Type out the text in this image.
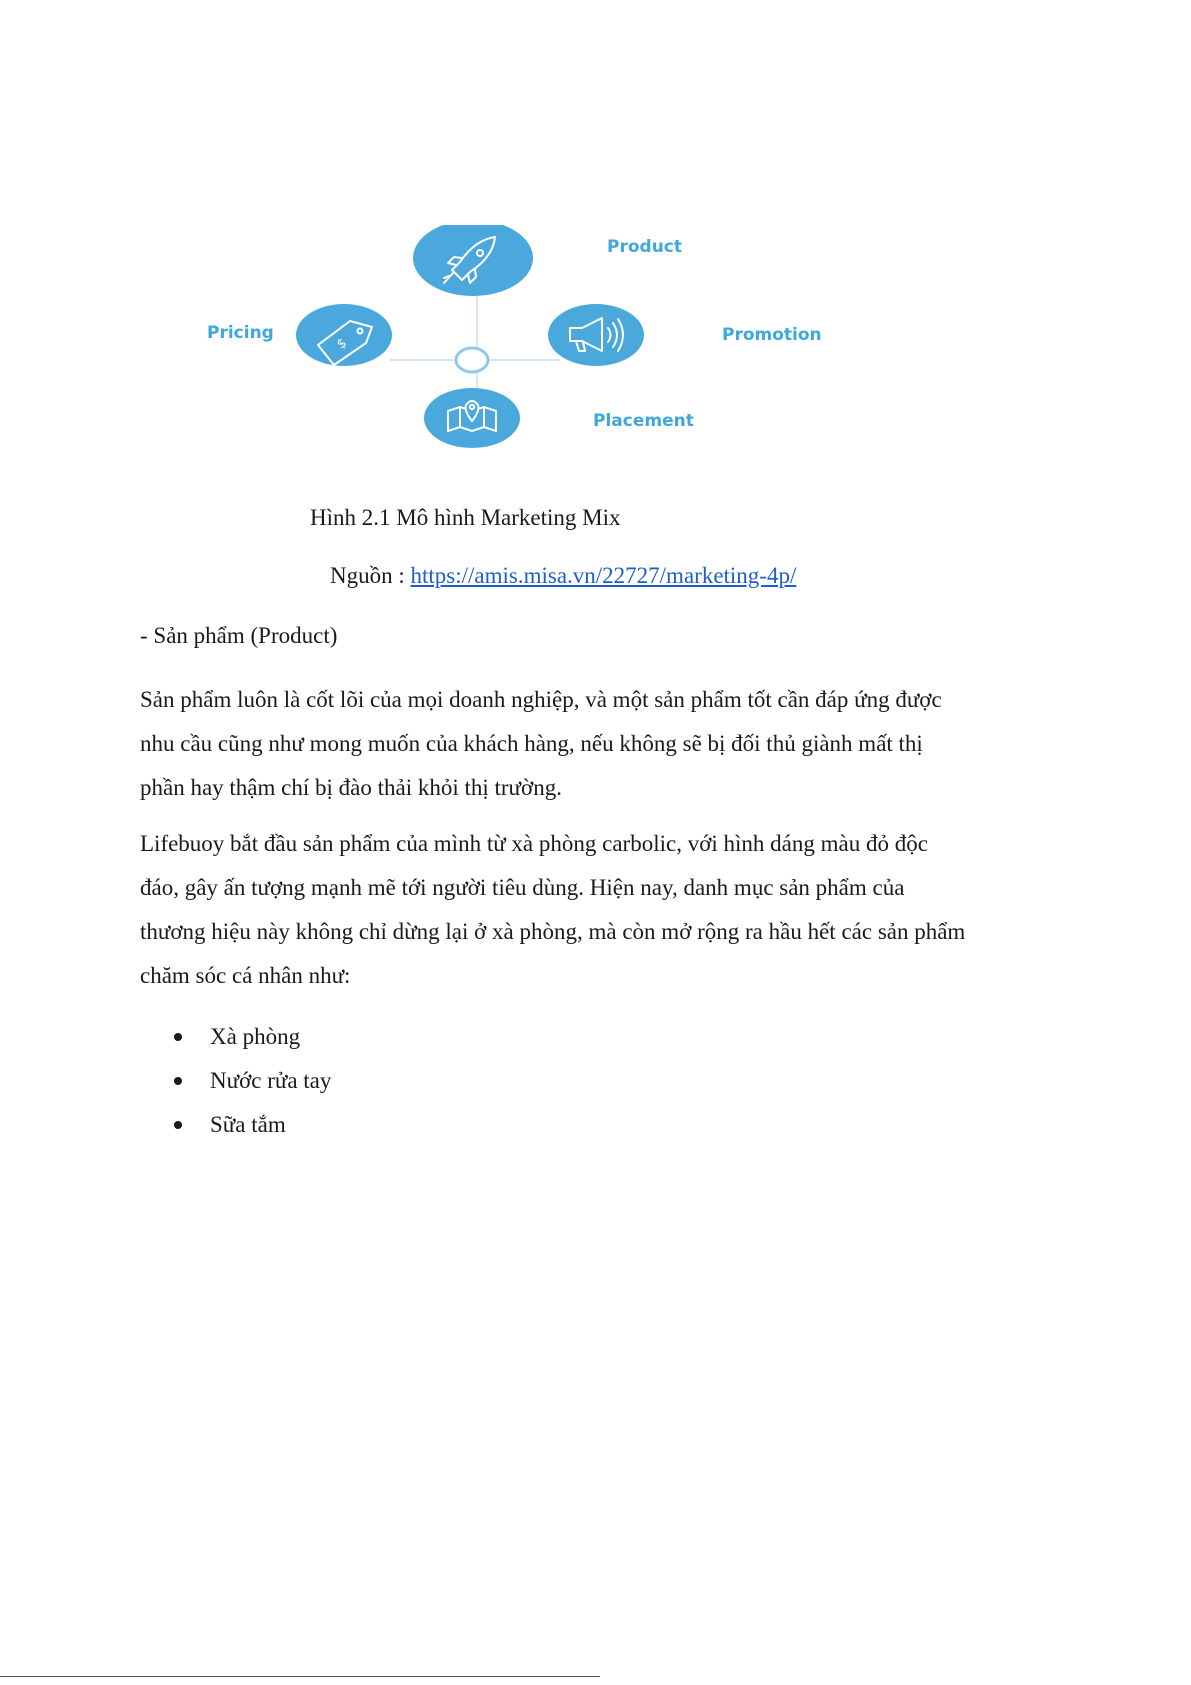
$
Product
Pricing	Promotion
Placement
Hình 2.1 Mô hình Marketing Mix
Nguồn : https://amis.misa.vn/22727/marketing-4p/
- Sản phẩm (Product)
Sản phẩm luôn là cốt lõi của mọi doanh nghiệp, và một sản phẩm tốt cần đáp ứng được
nhu cầu cũng như mong muốn của khách hàng, nếu không sẽ bị đối thủ giành mất thị
phần hay thậm chí bị đào thải khỏi thị trường.
Lifebuoy bắt đầu sản phẩm của mình từ xà phòng carbolic, với hình dáng màu đỏ độc
đáo, gây ấn tượng mạnh mẽ tới người tiêu dùng. Hiện nay, danh mục sản phẩm của
thương hiệu này không chỉ dừng lại ở xà phòng, mà còn mở rộng ra hầu hết các sản phẩm
chăm sóc cá nhân như:
Xà phòng
Nước rửa tay
Sữa tắm
